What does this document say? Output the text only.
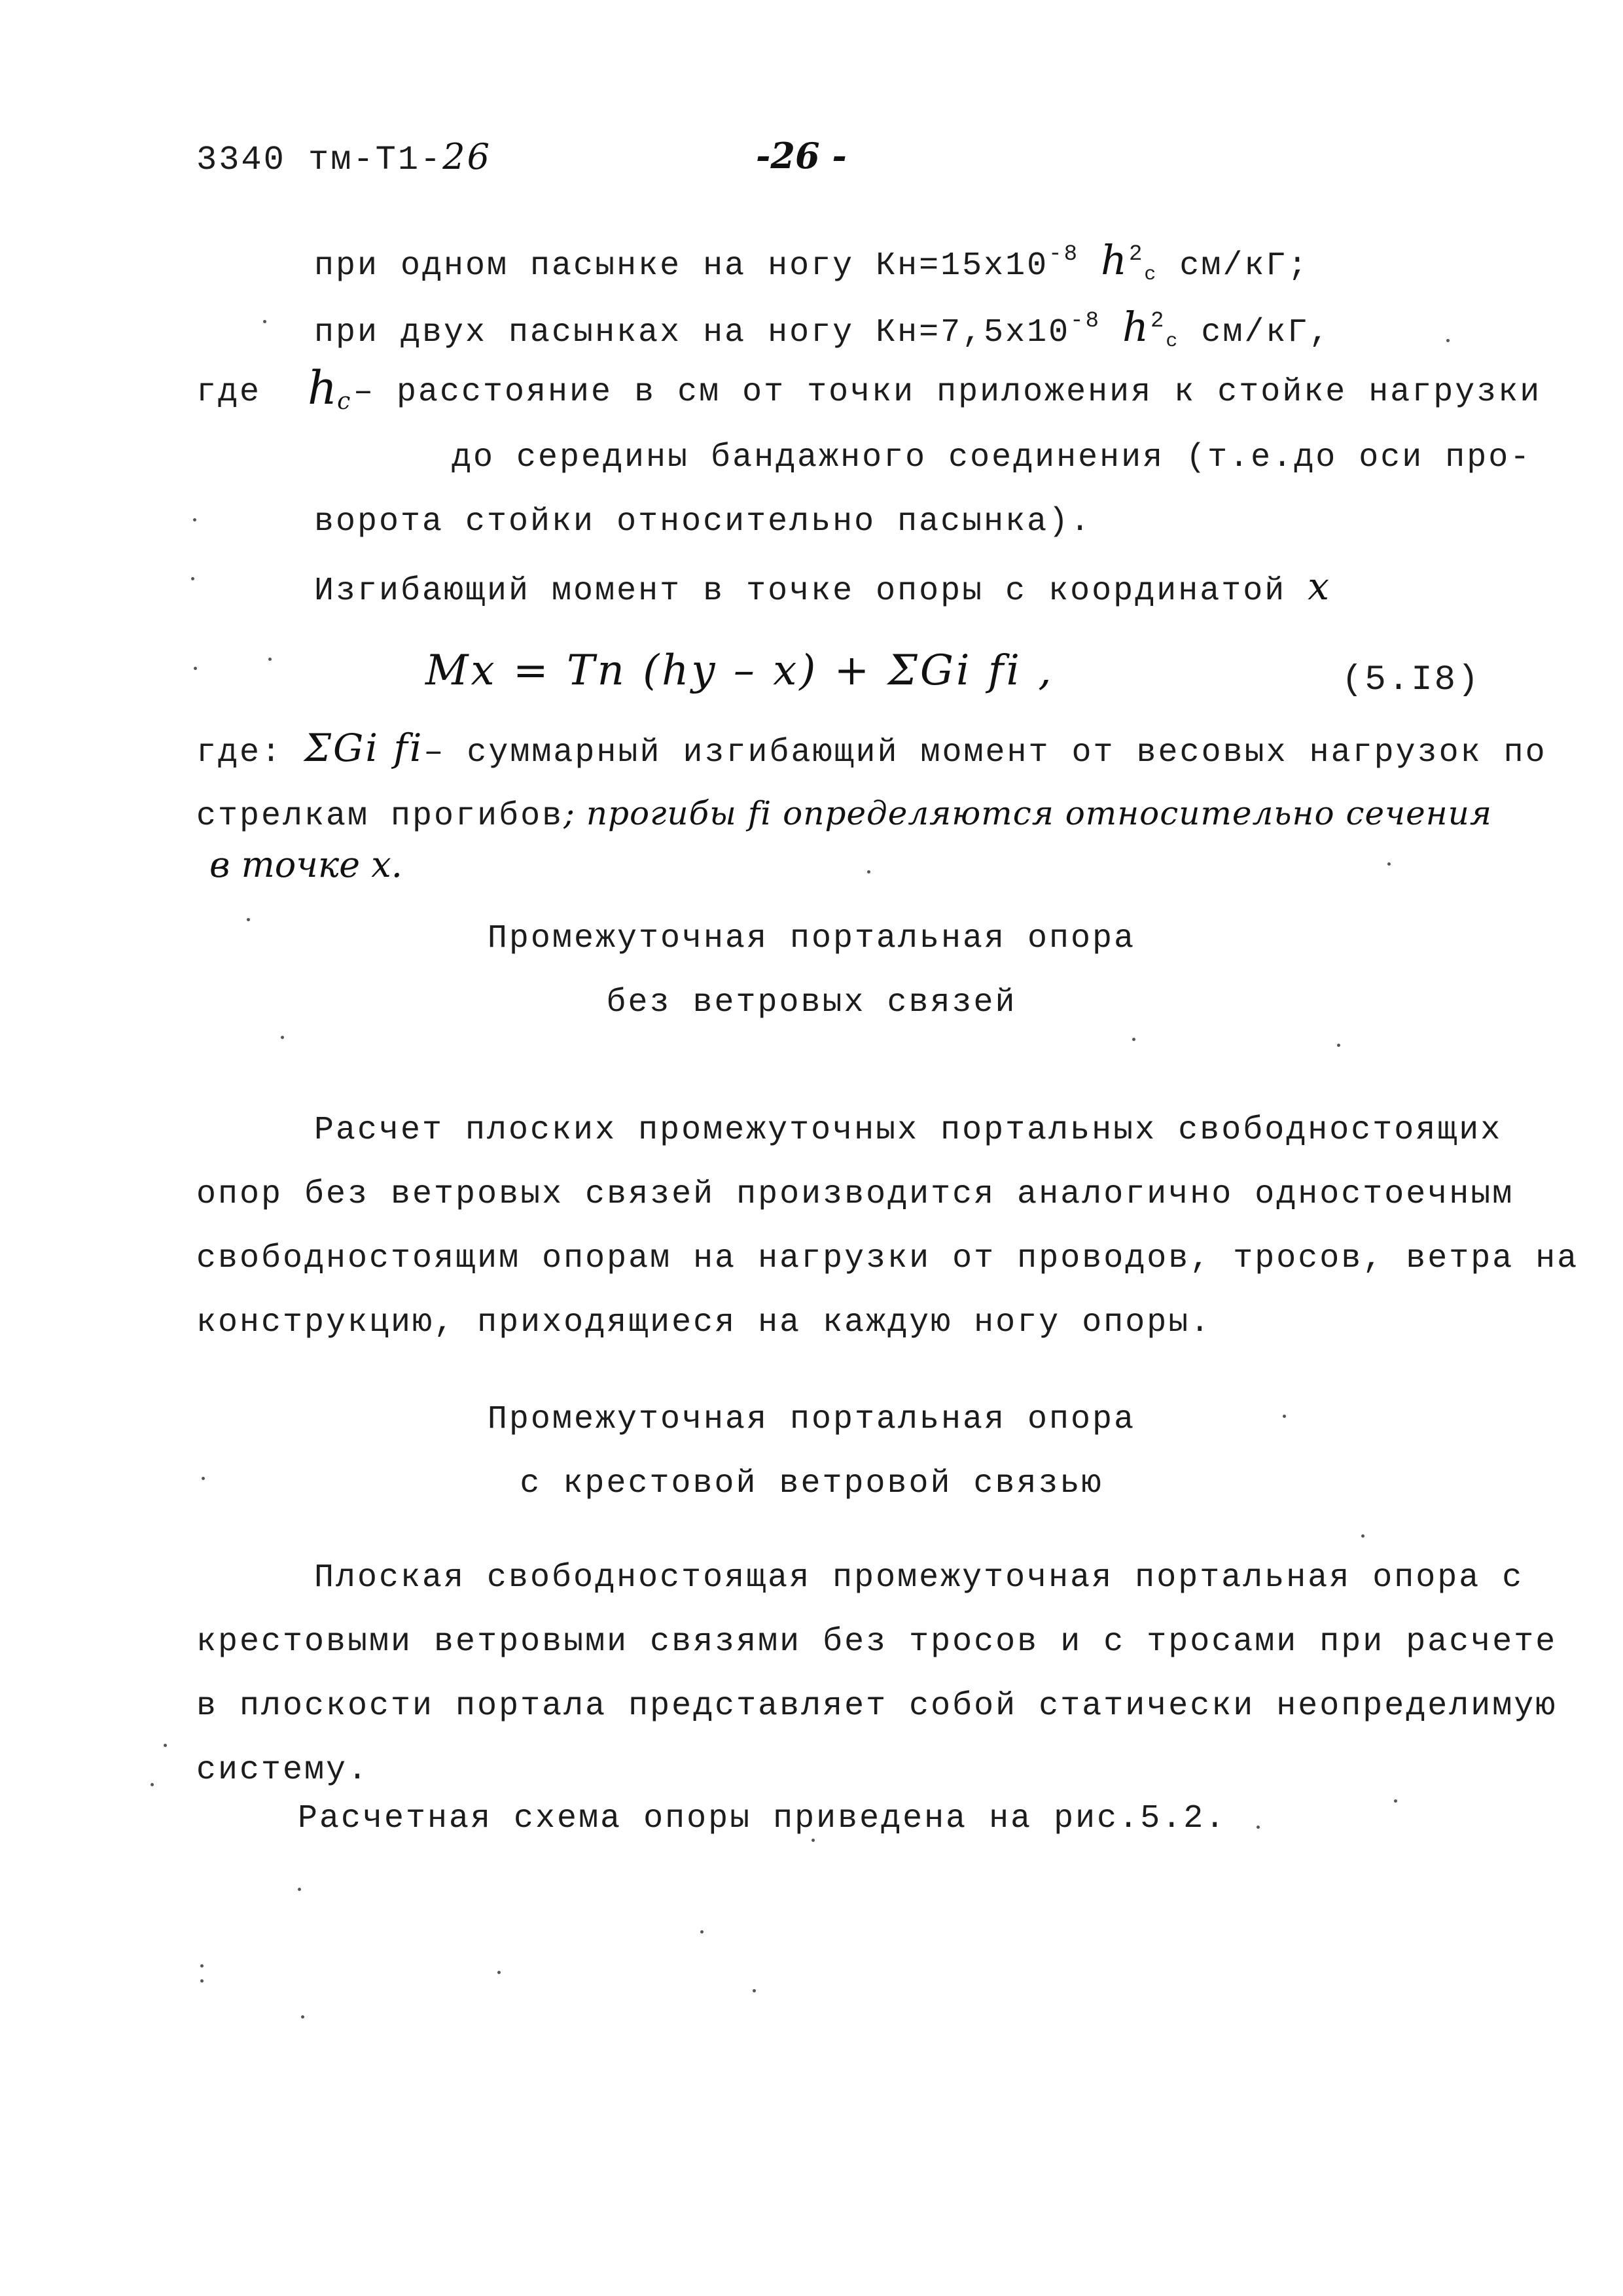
3340 тм-Т1-26	-26 -
при одном пасынке на ногу $Кн=15х10^{-8}$ $h^2_c$ см/кГ;
при двух пасынках на ногу $Кн=7,5х10^{-8}$ $h^2_c$ см/кГ,
где $h_c$ – расстояние в см от точки приложения к стойке нагрузки
до середины бандажного соединения (т.е.до оси про-
ворота стойки относительно пасынка).
Изгибающий момент в точке опоры с координатой x
Mx = Tn (hy – x) + ΣGi fi ,	(5.I8)
где: ΣGi fi– суммарный изгибающий момент от весовых нагрузок по
стрелкам прогибов; прогибы fi определяются относительно сечения
в точке x.
Промежуточная портальная опора
без ветровых связей
Расчет плоских промежуточных портальных свободностоящих
опор без ветровых связей производится аналогично одностоечным
свободностоящим опорам на нагрузки от проводов, тросов, ветра на
конструкцию, приходящиеся на каждую ногу опоры.
Промежуточная портальная опора
с крестовой ветровой связью
Плоская свободностоящая промежуточная портальная опора с
крестовыми ветровыми связями без тросов и с тросами при расчете
в плоскости портала представляет собой статически неопределимую
систему.
Расчетная схема опоры приведена на рис.5.2.
